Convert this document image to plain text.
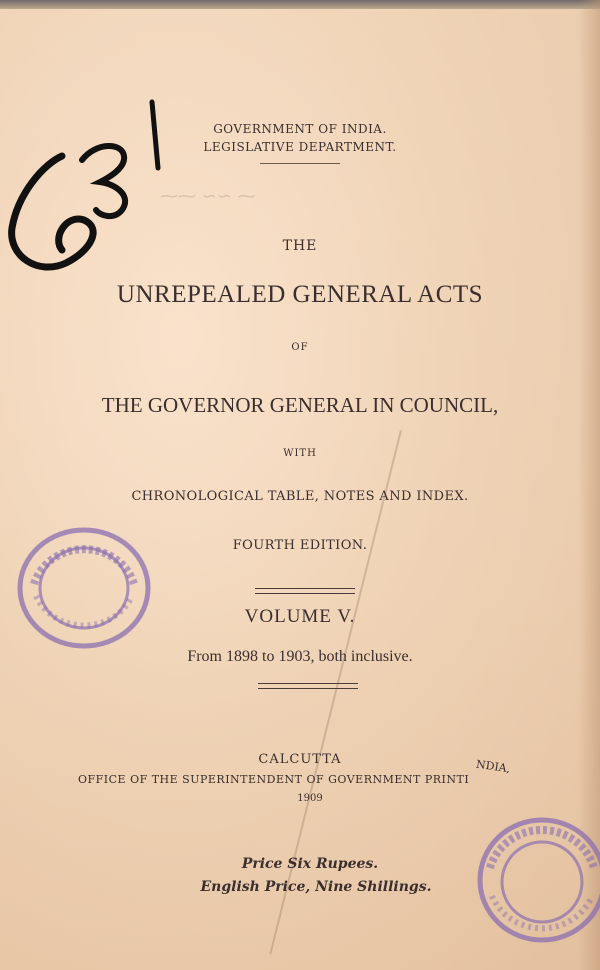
⁓⁓ ∽∽ ⁓
GOVERNMENT OF INDIA.
LEGISLATIVE DEPARTMENT.
THE
UNREPEALED GENERAL ACTS
OF
THE GOVERNOR GENERAL IN COUNCIL,
WITH
CHRONOLOGICAL TABLE, NOTES AND INDEX.
FOURTH EDITION.
VOLUME V.
From 1898 to 1903, both inclusive.
CALCUTTA
OFFICE OF THE SUPERINTENDENT OF GOVERNMENT PRINTI
NDIA,
1909
Price Six Rupees.
English Price, Nine Shillings.
